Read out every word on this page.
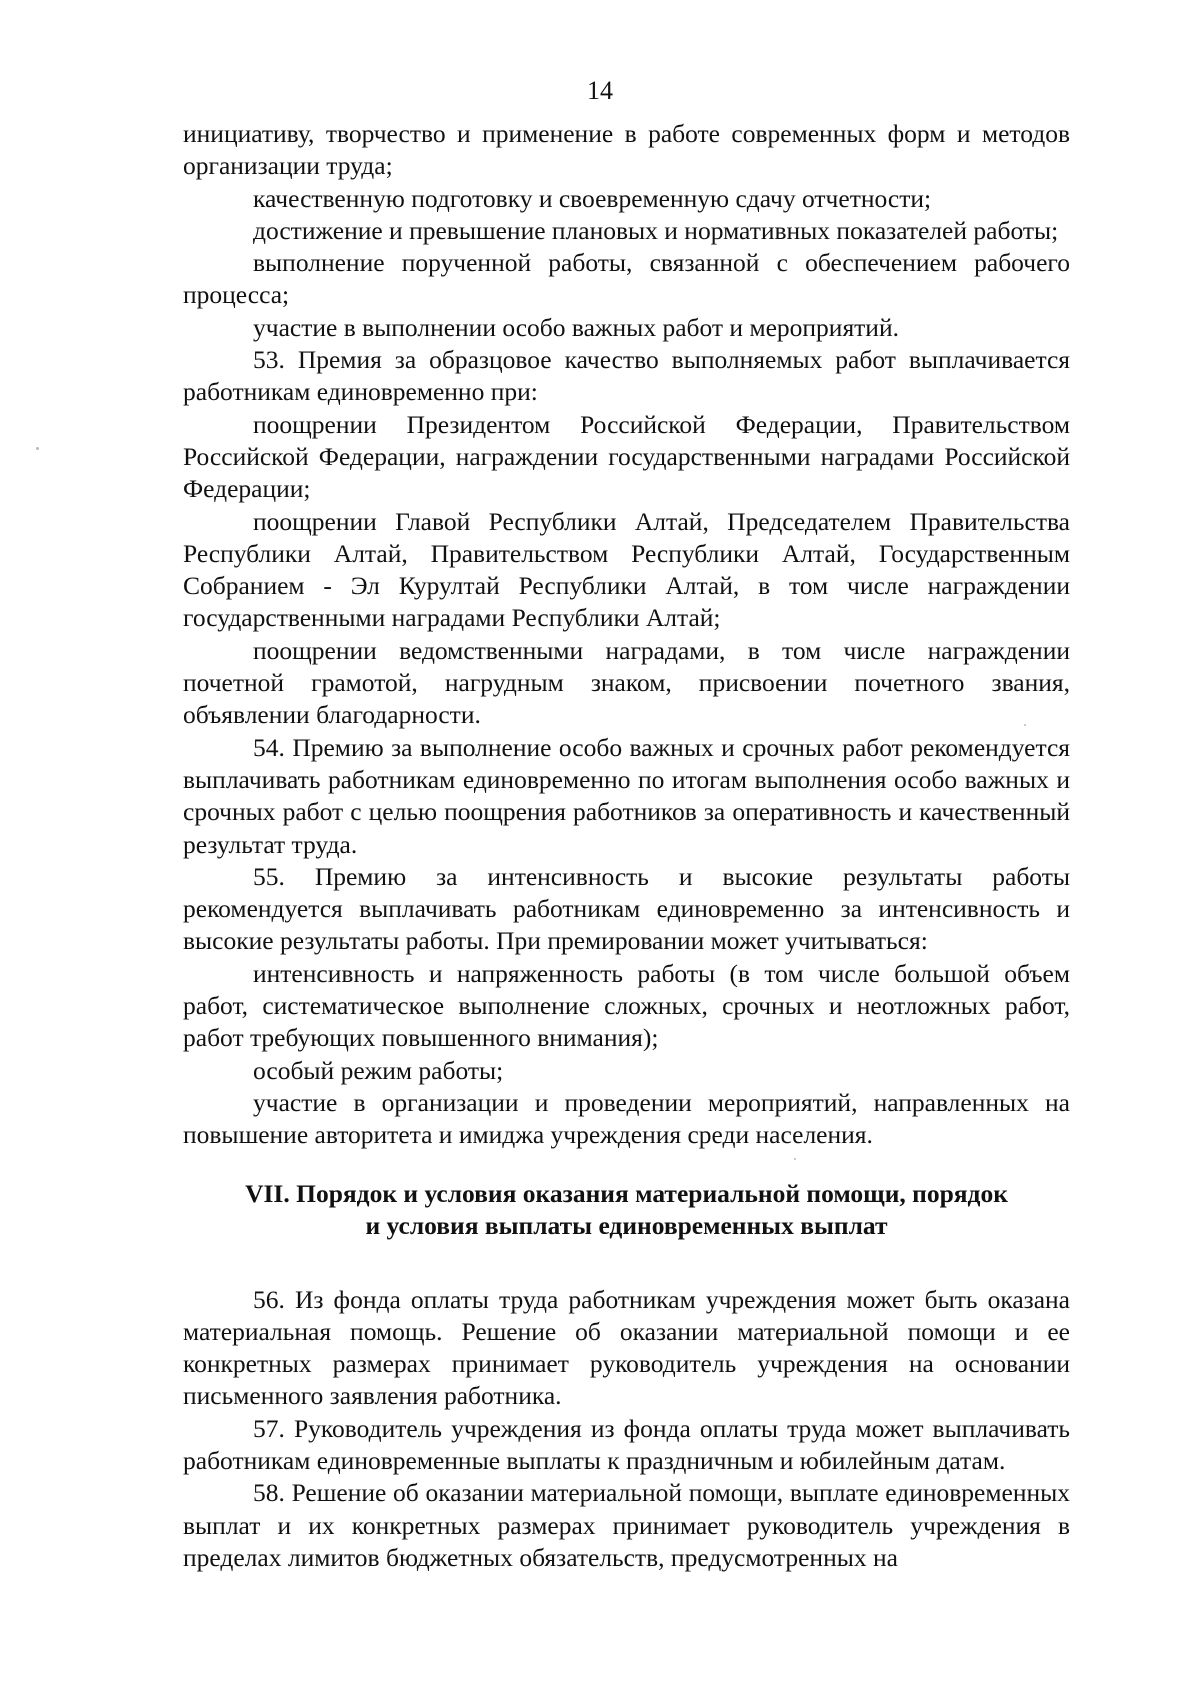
14

инициативу, творчество и применение в работе современных форм и методов организации труда;

качественную подготовку и своевременную сдачу отчетности;

достижение и превышение плановых и нормативных показателей работы;

выполнение порученной работы, связанной с обеспечением рабочего процесса;

участие в выполнении особо важных работ и мероприятий.

53. Премия за образцовое качество выполняемых работ выплачивается работникам единовременно при:

поощрении Президентом Российской Федерации, Правительством Российской Федерации, награждении государственными наградами Российской Федерации;

поощрении Главой Республики Алтай, Председателем Правительства Республики Алтай, Правительством Республики Алтай, Государственным Собранием - Эл Курултай Республики Алтай, в том числе награждении государственными наградами Республики Алтай;

поощрении ведомственными наградами, в том числе награждении почетной грамотой, нагрудным знаком, присвоении почетного звания, объявлении благодарности.

54. Премию за выполнение особо важных и срочных работ рекомендуется выплачивать работникам единовременно по итогам выполнения особо важных и срочных работ с целью поощрения работников за оперативность и качественный результат труда.

55. Премию за интенсивность и высокие результаты работы рекомендуется выплачивать работникам единовременно за интенсивность и высокие результаты работы. При премировании может учитываться:

интенсивность и напряженность работы (в том числе большой объем работ, систематическое выполнение сложных, срочных и неотложных работ, работ требующих повышенного внимания);

особый режим работы;

участие в организации и проведении мероприятий, направленных на повышение авторитета и имиджа учреждения среди населения.

VII. Порядок и условия оказания материальной помощи, порядок
и условия выплаты единовременных выплат

56. Из фонда оплаты труда работникам учреждения может быть оказана материальная помощь. Решение об оказании материальной помощи и ее конкретных размерах принимает руководитель учреждения на основании письменного заявления работника.

57. Руководитель учреждения из фонда оплаты труда может выплачивать работникам единовременные выплаты к праздничным и юбилейным датам.

58. Решение об оказании материальной помощи, выплате единовременных выплат и их конкретных размерах принимает руководитель учреждения в пределах лимитов бюджетных обязательств, предусмотренных на
